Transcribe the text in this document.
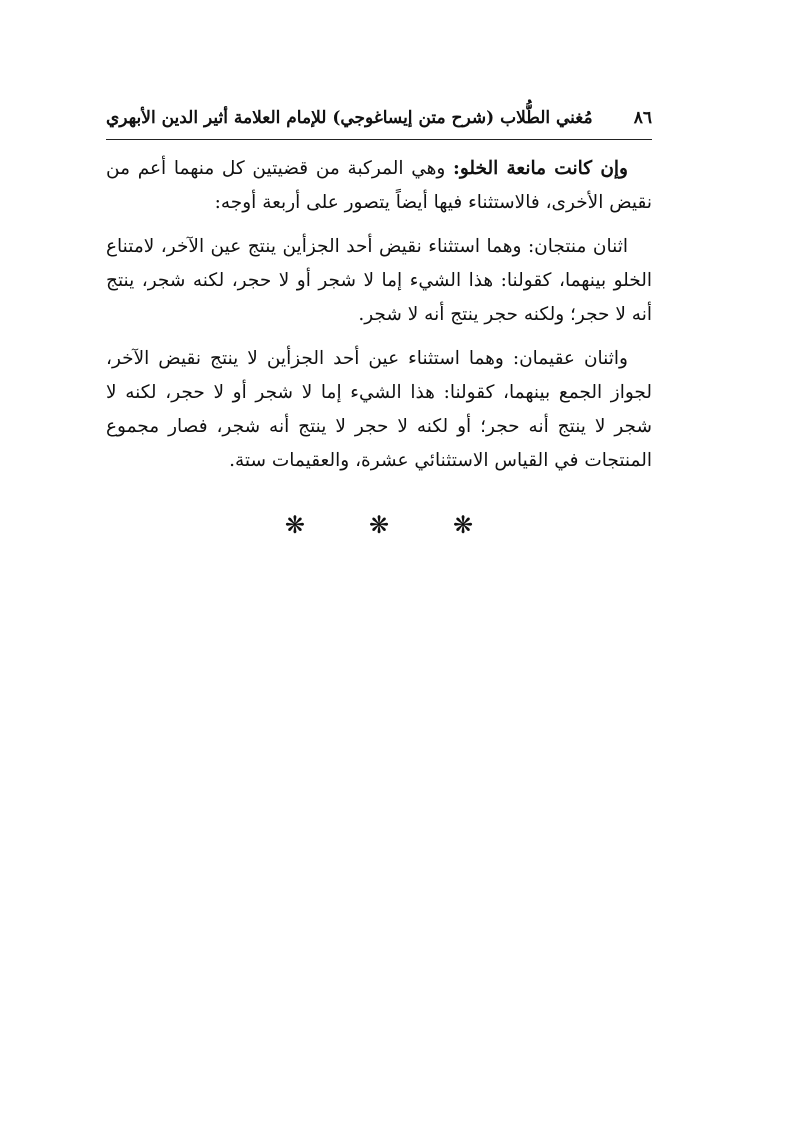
٨٦
مُغني الطُّلاب (شرح متن إيساغوجي) للإمام العلامة أثير الدين الأبهري

وإن كانت مانعة الخلو: وهي المركبة من قضيتين كل منهما أعم من نقيض الأخرى، فالاستثناء فيها أيضاً يتصور على أربعة أوجه:

اثنان منتجان: وهما استثناء نقيض أحد الجزأين ينتج عين الآخر، لامتناع الخلو بينهما، كقولنا: هذا الشيء إما لا شجر أو لا حجر، لكنه شجر، ينتج أنه لا حجر؛ ولكنه حجر ينتج أنه لا شجر.

واثنان عقيمان: وهما استثناء عين أحد الجزأين لا ينتج نقيض الآخر، لجواز الجمع بينهما، كقولنا: هذا الشيء إما لا شجر أو لا حجر، لكنه لا شجر لا ينتج أنه حجر؛ أو لكنه لا حجر لا ينتج أنه شجر، فصار مجموع المنتجات في القياس الاستثنائي عشرة، والعقيمات ستة.

❋	❋	❋
